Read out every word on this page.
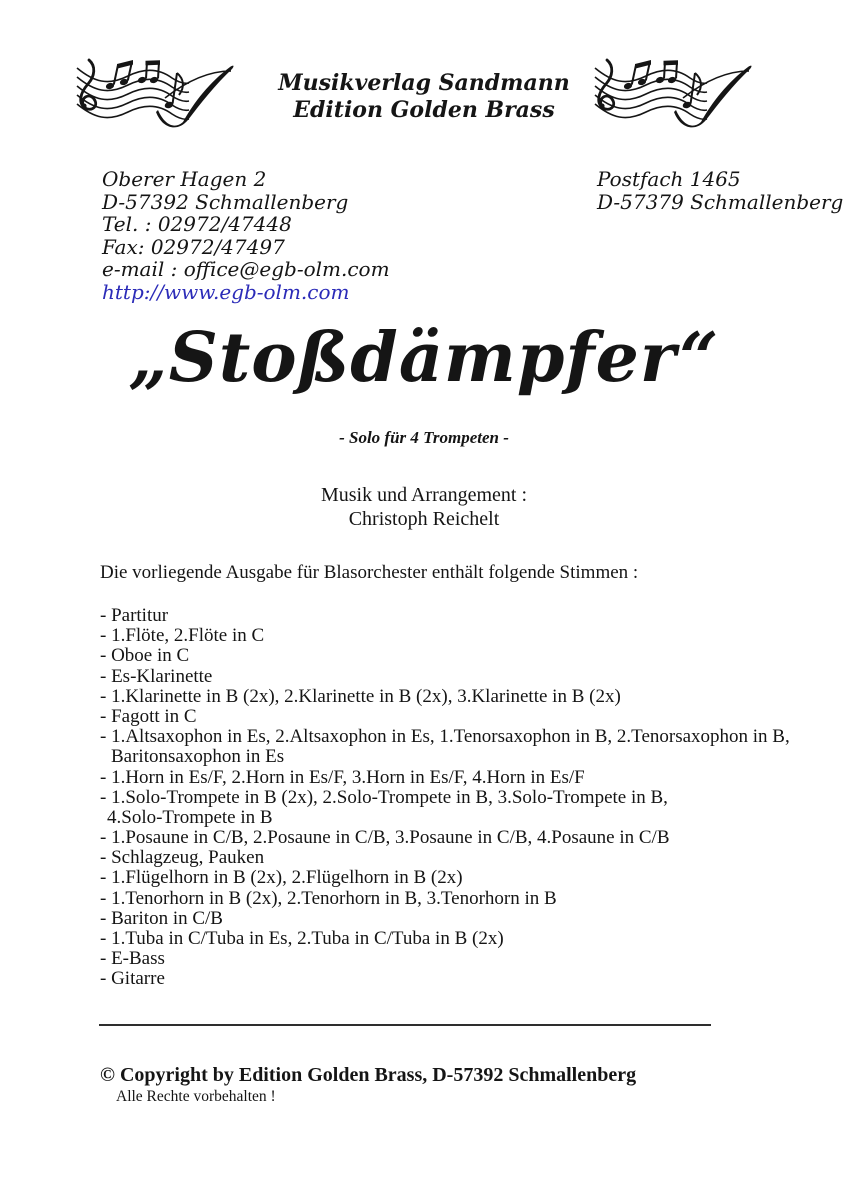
Musikverlag Sandmann
Edition Golden Brass
Oberer Hagen 2
D-57392 Schmallenberg
Tel. : 02972/47448
Fax: 02972/47497
e-mail : office@egb-olm.com
http://www.egb-olm.com
Postfach 1465
D-57379 Schmallenberg
„Stoßdämpfer“
- Solo für 4 Trompeten -
Musik und Arrangement :
Christoph Reichelt
Die vorliegende Ausgabe für Blasorchester enthält folgende Stimmen :
- Partitur
- 1.Flöte, 2.Flöte in C
- Oboe in C
- Es-Klarinette
- 1.Klarinette in B (2x), 2.Klarinette in B (2x), 3.Klarinette in B (2x)
- Fagott in C
- 1.Altsaxophon in Es, 2.Altsaxophon in Es, 1.Tenorsaxophon in B, 2.Tenorsaxophon in B,
Baritonsaxophon in Es
- 1.Horn in Es/F, 2.Horn in Es/F, 3.Horn in Es/F, 4.Horn in Es/F
- 1.Solo-Trompete in B (2x), 2.Solo-Trompete in B, 3.Solo-Trompete in B,
4.Solo-Trompete in B
- 1.Posaune in C/B, 2.Posaune in C/B, 3.Posaune in C/B, 4.Posaune in C/B
- Schlagzeug, Pauken
- 1.Flügelhorn in B (2x), 2.Flügelhorn in B (2x)
- 1.Tenorhorn in B (2x), 2.Tenorhorn in B, 3.Tenorhorn in B
- Bariton in C/B
- 1.Tuba in C/Tuba in Es, 2.Tuba in C/Tuba in B (2x)
- E-Bass
- Gitarre
© Copyright by Edition Golden Brass, D-57392 Schmallenberg
Alle Rechte vorbehalten !
